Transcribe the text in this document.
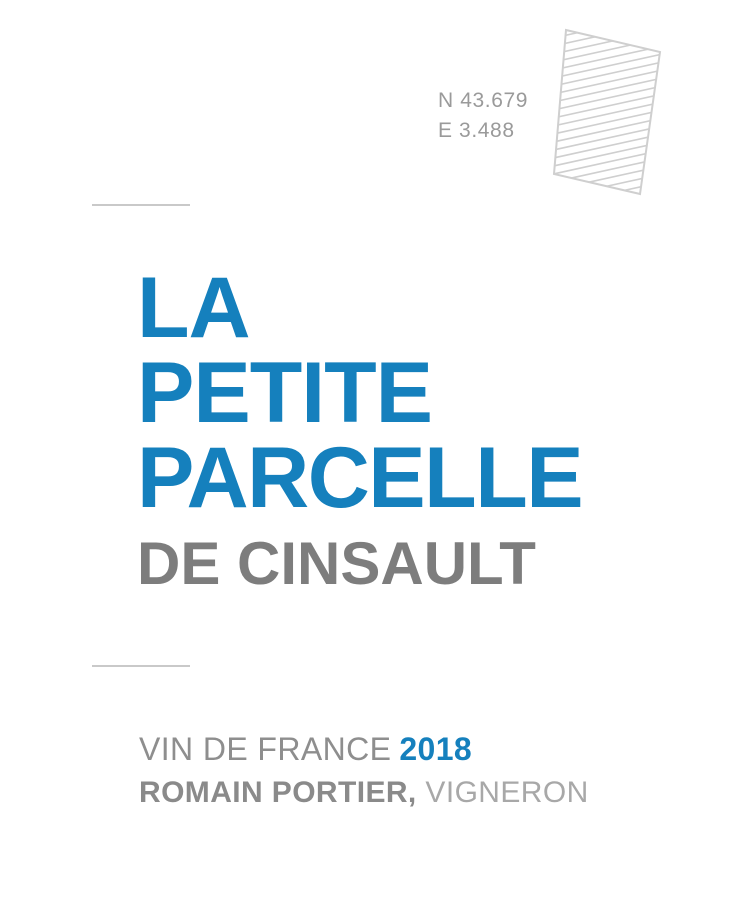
N 43.679
E 3.488
LA
PETITE
PARCELLE
DE CINSAULT
VIN DE FRANCE 2018
ROMAIN PORTIER, VIGNERON
